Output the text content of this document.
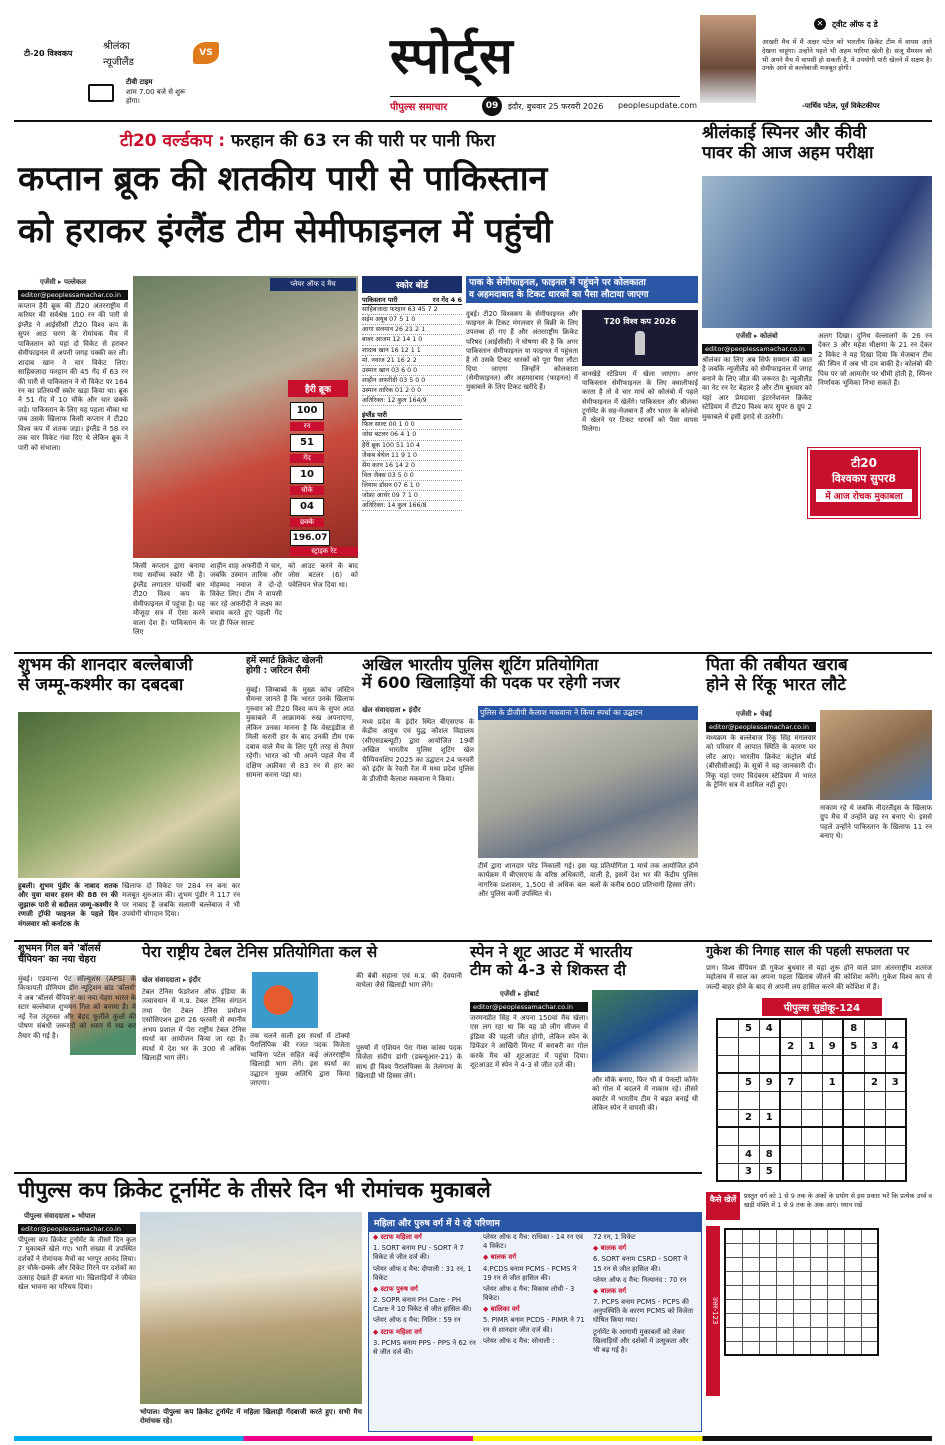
टी-20 विश्वकप
श्रीलंका
न्यूजीलैंड
VS
टीवी टाइम
शाम 7.00 बजे से शुरू होगा।
स्पोर्ट्स
पीपुल्स समाचार	09	इंदौर, बुधवार 25 फरवरी 2026 peoplesupdate.com
✕	ट्वीट ऑफ द डे
आखरी मैच में मैं अक्षर पटेल को भारतीय क्रिकेट टीम में वापस आते देखना चाहूंगा। उन्होंने पहले भी अहम पारियां खेली है। संजू सैमसन को भी अपने मैच में वापसी हो सकती है, ये उपयोगी पारी खेलने में सक्षम है। उनके आने से बल्लेबाजी मजबूत होगी।
-पार्थिव पटेल, पूर्व विकेटकीपर
टी20 वर्ल्डकप : फरहान की 63 रन की पारी पर पानी फिरा
कप्तान ब्रूक की शतकीय पारी से पाकिस्तान
को हराकर इंग्लैंड टीम सेमीफाइनल में पहुंची
एजेंसी ▸ पल्लेकल
editor@peoplessamachar.co.in
कप्तान हैरी ब्रूक की टी20 अंतरराष्ट्रीय में करियर की सर्वश्रेष्ठ 100 रन की पारी से इंग्लैंड ने आईसीसी टी20 विश्व कप के सुपर आठ चरण के रोमांचक मैच में पाकिस्तान को यहां दो विकेट से हराकर सेमीफाइनल में अपनी जगह पक्की कर ली। शादाब खान ने चार विकेट लिए। साहिबजादा फरहान की 45 गेंद में 63 रन की पारी से पाकिस्तान ने नौ विकेट पर 164 रन का प्रतिस्पर्धी स्कोर खड़ा किया था। ब्रूक ने 51 गेंद में 10 चौके और चार छक्के जड़े। पाकिस्तान के लिए यह पहला मौका था जब उसके खिलाफ किसी कप्तान ने टी20 विश्व कप में शतक जड़ा। इंग्लैंड ने 58 रन तक चार विकेट गंवा दिए थे लेकिन ब्रूक ने पारी को संभाला।
प्लेयर ऑफ द मैच
हैरी ब्रूक
100
रन
51
गेंद
10
चौके
04
छक्के
196.07
स्ट्राइक रेट
किसी कप्तान द्वारा बनाया गया सर्वोच्च स्कोर भी है। इंग्लैंड लगातार पांचवीं बार टी20 विश्व कप के सेमीफाइनल में पहुंचा है। यह मौजूदा सत्र में ऐसा करने वाला देश है। पाकिस्तान के लिए
शाहीन शाह अफरीदी ने चार, जबकि उस्मान तारिक और मोहम्मद नवाज ने दो-दो विकेट लिए। टीम ने वापसी कर रहे अफरीदी ने लक्ष्य का बचाव करते हुए पहली गेंद पर ही फिल साल्ट
को आउट करने के बाद जोस बटलर (6) को पवेलियन भेज दिया था।
स्कोर बोर्ड
पाकिस्तान पारी	रन गेंद 4 6
साहिबजादा फरहान 63 45 7 2
सईम अयूब 07 5 1 0
आगा सलमान 26 21 2 1
बाबर आजम 12 14 1 0
शादाब खान 16 12 1 1
मो. नवाज 21 16 2 2
उस्मान खान 03 6 0 0
शाहीन अफरीदी 03 5 0 0
उस्मान तारिक 01 2 0 0
अतिरिक्त: 12 कुल 164/9
इंग्लैंड पारी
फिल साल्ट 00 1 0 0
जोस बटलर 06 4 1 0
हैरी ब्रूक 100 51 10 4
जैकब बेथेल 11 9 1 0
सैम करन 16 14 2 0
विल जैक्स 03 5 0 0
लियाम डॉसन 07 6 1 0
जोफ्रा आर्चर 09 7 1 0
अतिरिक्त: 14 कुल 166/8
पाक के सेमीफाइनल, फाइनल में पहुंचने पर कोलकाता
व अहमदाबाद के टिकट धारकों का पैसा लौटाया जाएगा
दुबई। टी20 विश्वकप के सेमीफाइनल और फाइनल के टिकट मंगलवार से बिक्री के लिए उपलब्ध हो गए हैं और अंतरराष्ट्रीय क्रिकेट परिषद (आईसीसी) ने घोषणा की है कि अगर पाकिस्तान सेमीफाइनल या फाइनल में पहुंचता है तो उसके टिकट धारकों को पूरा पैसा लौटा दिया जाएगा जिन्होंने कोलकाता (सेमीफाइनल) और अहमदाबाद (फाइनल) में मुकाबले के लिए टिकट खरीदे हैं।
T20 विश्व कप 2026
वानखेड़े स्टेडियम में खेला जाएगा। अगर पाकिस्तान सेमीफाइनल के लिए क्वालीफाई करता है तो वे चार मार्च को कोलंबो में पहले सेमीफाइनल में खेलेंगे। पाकिस्तान और श्रीलंका टूर्नामेंट के सह-मेजबान हैं और भारत के कोलंबो में खेलने पर टिकट धारकों को पैसा वापस मिलेगा।
श्रीलंकाई स्पिनर और कीवी
पावर की आज अहम परीक्षा
एजेंसी ▸ कोलंबो
editor@peoplessamachar.co.in
श्रीलंका का लिए अब सिर्फ सम्मान की बात है जबकि न्यूजीलैंड को सेमीफाइनल में जगह बनाने के लिए जीत की जरूरत है। न्यूजीलैंड का नेट रन रेट बेहतर है और टीम बुधवार को यहां आर प्रेमदासा इंटरनेशनल क्रिकेट स्टेडियम में टी20 विश्व कप सुपर 8 ग्रुप 2 मुकाबले में इसी इरादे से उतरेगी।
अलग दिखा। दुनिथ वेल्लालगे के 26 रन देकर 3 और महेश थीक्षणा के 21 रन देकर 2 विकेट ने यह दिखा दिया कि मेजबान टीम की स्पिन में अब भी दम बाकी है। कोलंबो की पिच पर जो आमतौर पर धीमी होती है, स्पिनर निर्णायक भूमिका निभा सकते हैं।
टी20
विश्वकप सुपर8
में आज रोचक मुकाबला
शुभम की शानदार बल्लेबाजी
से जम्मू-कश्मीर का दबदबा
हुबली। शुभम पुंडीर के नाबाद शतक और युवा यावर हसन की 88 रन की जुझारू पारी से बदौलत जम्मू-कश्मीर ने रणजी ट्रॉफी फाइनल के पहले दिन मंगलवार को कर्नाटक के
खिलाफ दो विकेट पर 284 रन बना कर मजबूत शुरुआत की। शुभम पुंडीर ने 117 रन पर नाबाद हैं जबकि सलामी बल्लेबाज ने भी उपयोगी योगदान दिया।
हमें स्मार्ट क्रिकेट खेलनी
होगी : जरिटन सैमी
मुंबई। जिम्बाब्वे के मुख्य कोच जस्टिन सैमन्स जानते हैं कि भारत उनके खिलाफ गुरुवार को टी20 विश्व कप के सुपर आठ मुकाबले में आक्रामक रुख अपनाएगा, लेकिन उनका मानना है कि वेस्टइंडीज से मिली करारी हार के बाद उनकी टीम एक दबाव वाले मैच के लिए पूरी तरह से तैयार रहेगी। भारत को भी अपने पहले मैच में दक्षिण अफ्रीका से 83 रन से हार का सामना करना पड़ा था।
अखिल भारतीय पुलिस शूटिंग प्रतियोगिता
में 600 खिलाड़ियों की पदक पर रहेगी नजर
खेल संवाददाता ▸ इंदौर
मध्य प्रदेश के इंदौर स्थित बीएसएफ के केंद्रीय आयुध एवं युद्ध कौशल विद्यालय (सीएसडब्ल्यूटी) द्वारा आयोजित 19वीं अखिल भारतीय पुलिस शूटिंग खेल चैम्पियनशिप 2025 का उद्घाटन 24 फरवरी को इंदौर के रेवती रेंज में मध्य प्रदेश पुलिस के डीजीपी कैलाश मकवाना ने किया।
पुलिस के डीजीपी कैलाश मकवाना ने किया स्पर्धा का उद्घाटन
टीमें द्वारा शानदार परेड निकाली गई। इस कार्यक्रम में बीएसएफ के वरिष्ठ अधिकारी, नागरिक प्रशासन, 1,500 से अधिक बल और पुलिस कर्मी उपस्थित थे।
यह प्रतियोगिता 1 मार्च तक आयोजित होने वाली है, इसमें देश भर की केंद्रीय पुलिस बलों के करीब 600 प्रतिभागी हिस्सा लेंगे।
पिता की तबीयत खराब
होने से रिंकू भारत लौटे
एजेंसी ▸ चेन्नई
editor@peoplessamachar.co.in
मध्यक्रम के बल्लेबाज रिंकू सिंह मंगलवार को परिवार में आपात स्थिति के कारण घर लौट आए। भारतीय क्रिकेट कंट्रोल बोर्ड (बीसीसीआई) के सूत्रों ने यह जानकारी दी। रिंकू यहां एमए चिदंबरम स्टेडियम में भारत के ट्रेनिंग सत्र में शामिल नहीं हुए।
नाकाम रहे थे जबकि नीदरलैंड्स के खिलाफ ग्रुप मैच में उन्होंने छह रन बनाए थे। इससे पहले उन्होंने पाकिस्तान के खिलाफ 11 रन बनाए थे।
शुभमन गिल बने 'बॉलर्स
चैंपियन' का नया चेहरा
मुंबई। एडवान्स पेट सॉल्यूशंस (APS) के किफायती प्रीमियम डॉग न्यूट्रिशन ब्रांड 'बॉलर्स' ने अब 'बॉलर्स चैंपियन' का नया चेहरा भारत के स्टार बल्लेबाज शुभमन गिल को बनाया है। ये नई रेंज तंदुरुस्त और बेहद फुर्तीले कुत्तों की पोषण संबंधी जरूरतों को ध्यान में रख कर तैयार की गई है।
पेरा राष्ट्रीय टेबल टेनिस प्रतियोगिता कल से
खेल संवाददाता ▸ इंदौर
टेबल टेनिस फेडरेशन ऑफ इंडिया के तत्वावधान में म.प्र. टेबल टेनिस संगठन तथा पेरा टेबल टेनिस प्रमोशन एसोसिएशन द्वारा 26 फरवरी से स्थानीय अभय प्रशाल में पेरा राष्ट्रीय टेबल टेनिस स्पर्धा का आयोजन किया जा रहा है। स्पर्धा में देश भर के 300 से अधिक खिलाड़ी भाग लेंगे।
तक चलने वाली इस स्पर्धा में टोक्यो पैरालिंपिक की रजत पदक विजेता भाविना पटेल सहित कई अंतरराष्ट्रीय खिलाड़ी भाग लेंगे। इस स्पर्धा का उद्घाटन मुख्य अतिथि द्वारा किया जाएगा।
की बेबी सहाना एवं म.प्र. की देवयानी वाघेला जैसे खिलाड़ी भाग लेंगे।
पुरुषों में एशियन पेरा गेम्स कांस्य पदक विजेता संदीप डांगी (डब्ल्यूआर-21) के साथ ही विश्व पैरालंपिक्स के तेलंगाना के खिलाड़ी भी हिस्सा लेंगे।
स्पेन ने शूट आउट में भारतीय
टीम को 4-3 से शिकस्त दी
एजेंसी ▸ होबार्ट
editor@peoplessamachar.co.in
जरमनप्रीत सिंह ने अपना 150वां मैच खेला। एस लग रहा था कि यह प्रो लीग सीजन में इंडिया की पहली जीत होगी, लेकिन स्पेन के डिफेंडर ने आखिरी मिनट में बराबरी का गोल करके मैच को शूटआउट में पहुंचा दिया। शूटआउट में स्पेन ने 4-3 से जीत दर्ज की।
और मौके बनाए, फिर भी वे पेनल्टी कॉर्नर को गोल में बदलने में नाकाम रहे। तीसरे क्वार्टर में भारतीय टीम ने बढ़त बनाई थी लेकिन स्पेन ने वापसी की।
गुकेश की निगाह साल की पहली सफलता पर
प्राग। विश्व चैंपियन डी गुकेश बुधवार से यहां शुरू होने वाले प्राग अंतरराष्ट्रीय शतरंज महोत्सव में साल का अपना पहला खिताब जीतने की कोशिश करेंगे। गुकेश विश्व कप से जल्दी बाहर होने के बाद से अपनी लय हासिल करने की कोशिश में हैं।
पीपुल्स सुडोकू-124
	5	4				8		
			2	1	9	5	3	4

	5	9	7		1		2	3

	2	1						

	4	8						
	3	5						
कैसे खेलें	प्रस्तुत वर्ग को 1 से 9 तक के अंकों के प्रयोग से इस प्रकार भरें कि प्रत्येक उर्ध्व व खड़ी पंक्ति में 1 से 9 तक के अंक आएं। ध्यान रखें
उत्तर-123

पीपुल्स कप क्रिकेट टूर्नामेंट के तीसरे दिन भी रोमांचक मुकाबले
पीपुल्स संवाददाता ▸ भोपाल
editor@peoplessamachar.co.in
पीपुल्स कप क्रिकेट टूर्नामेंट के तीसरे दिन कुल 7 मुकाबले खेले गए। भारी संख्या में उपस्थित दर्शकों ने रोमांचक मैचों का भरपूर आनंद लिया। हर चौके-छक्के और विकेट गिरने पर दर्शकों का उत्साह देखते ही बनता था। खिलाड़ियों ने जीवंत खेल भावना का परिचय दिया।
भोपाल। पीपुल्स कप क्रिकेट टूर्नामेंट में महिला खिलाड़ी गेंदबाजी करते हुए। सभी मैच रोमांचक रहे।
महिला और पुरुष वर्ग में ये रहे परिणाम
◆ स्टाफ महिला वर्ग
1. SORT बनाम PU - SORT ने 7 विकेट से जीत दर्ज की।
प्लेयर ऑफ द मैच: दीपाली : 31 रन, 1 विकेट
◆ स्टाफ पुरुष वर्ग
2. SOPR बनाम PH Care - PH Care ने 10 विकेट से जीत हासिल की।
प्लेयर ऑफ द मैच: नितिन : 59 रन
◆ स्टाफ महिला वर्ग
3. PCMS बनाम PPS - PPS ने 62 रन से जीत दर्ज की।
प्लेयर ऑफ द मैच: राधिका - 14 रन एवं 4 विकेट।
◆ बालक वर्ग
4.PCDS बनाम PCMS - PCMS ने 19 रन से जीत हासिल की।
प्लेयर ऑफ द मैच: विकास लोधी - 3 विकेट।
◆ बालिका वर्ग
5. PIMR बनाम PCDS - PIMR ने 71 रन से शानदार जीत दर्ज की।
प्लेयर ऑफ द मैच: सोनाली :
72 रन, 1 विकेट
◆ बालक वर्ग
6. SORT बनाम CSRD - SORT ने 15 रन से जीत हासिल की।
प्लेयर ऑफ द मैच: नित्यानंद : 70 रन
◆ बालक वर्ग
7. PCPS बनाम PCMS - PCPS की अनुपस्थिति के कारण PCMS को विजेता घोषित किया गया।
टूर्नामेंट के आगामी मुकाबलों को लेकर खिलाड़ियों और दर्शकों में उत्सुकता और भी बढ़ गई है।
